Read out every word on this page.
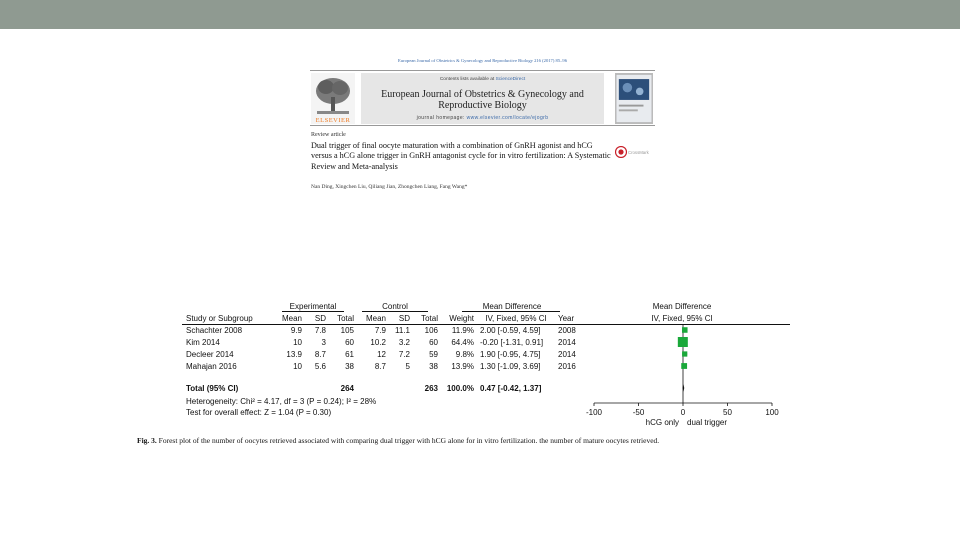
European Journal of Obstetrics & Gynecology and Reproductive Biology 216 (2017) 85–96
ELSEVIER
Contents lists available at ScienceDirect
European Journal of Obstetrics & Gynecology and
Reproductive Biology
journal homepage: www.elsevier.com/locate/ejogrb
Review article
Dual trigger of final oocyte maturation with a combination of GnRH agonist and hCG versus a hCG alone trigger in GnRH antagonist cycle for in vitro fertilization: A Systematic Review and Meta-analysis
Nan Ding, Xingchen Liu, Qiliang Jian, Zhongchen Liang, Fang Wang*
CrossMark
Experimental	Control	Mean Difference	Mean Difference
Study or Subgroup	Mean	SD	Total	Mean	SD	Total	Weight	IV, Fixed, 95% CI	Year	IV, Fixed, 95% CI
Schachter 2008	9.9	7.8	105	7.9	11.1	106	11.9% 2.00 [-0.59, 4.59] 2008
Kim 2014	10	3	60	10.2	3.2	60	64.4% -0.20 [-1.31, 0.91] 2014
Decleer 2014	13.9	8.7	61	12	7.2	59	9.8% 1.90 [-0.95, 4.75] 2014
Mahajan 2016	10	5.6	38	8.7	5	38	13.9% 1.30 [-1.09, 3.69] 2016
Total (95% CI)	264	263	100.0% 0.47 [-0.42, 1.37]
Heterogeneity: Chi² = 4.17, df = 3 (P = 0.24); I² = 28%
Test for overall effect: Z = 1.04 (P = 0.30)	-100	-50	0	50	100
hCG only dual trigger
Fig. 3. Forest plot of the number of oocytes retrieved associated with comparing dual trigger with hCG alone for in vitro fertilization. the number of mature oocytes retrieved.
